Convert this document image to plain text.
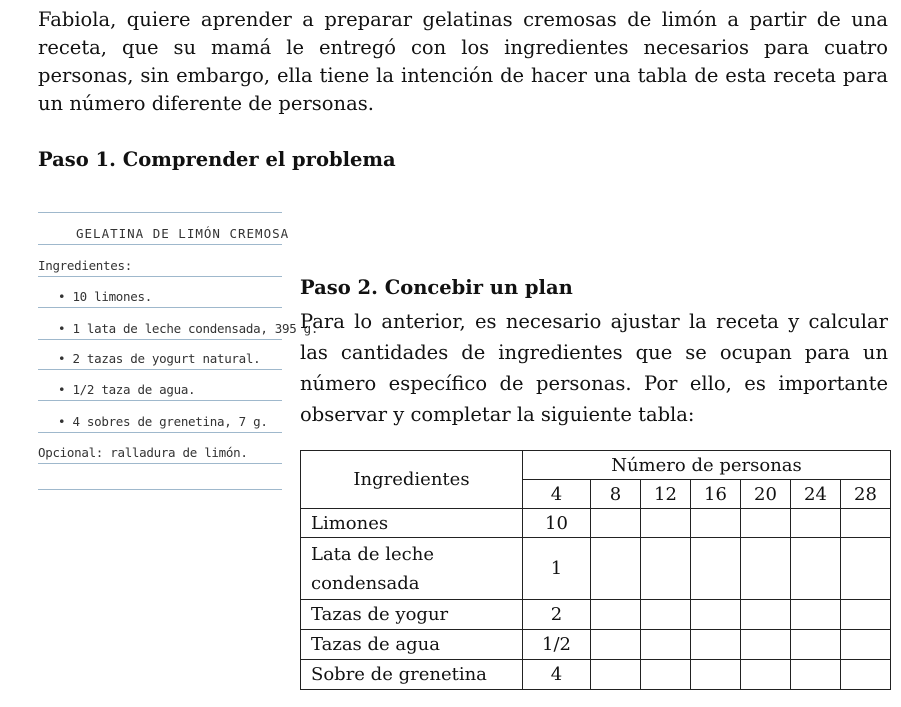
Fabiola, quiere aprender a preparar gelatinas cremosas de limón a partir de una receta, que su mamá le entregó con los ingredientes necesarios para cuatro personas, sin embargo, ella tiene la intención de hacer una tabla de esta receta para un número diferente de personas.

Paso 1. Comprender el problema

GELATINA DE LIMÓN CREMOSA
Ingredientes:
• 10 limones.
• 1 lata de leche condensada, 395 g.
• 2 tazas de yogurt natural.
• 1/2 taza de agua.
• 4 sobres de grenetina, 7 g.
Opcional: ralladura de limón.

Paso 2. Concebir un plan

Para lo anterior, es necesario ajustar la receta y calcular las cantidades de ingredientes que se ocupan para un número específico de personas. Por ello, es importante observar y completar la siguiente tabla:

Ingredientes	Número de personas						
	4	8	12	16	20	24	28
Limones	10						
Lata de leche
condensada	1						
Tazas de yogur	2						
Tazas de agua	1/2						
Sobre de grenetina	4						
